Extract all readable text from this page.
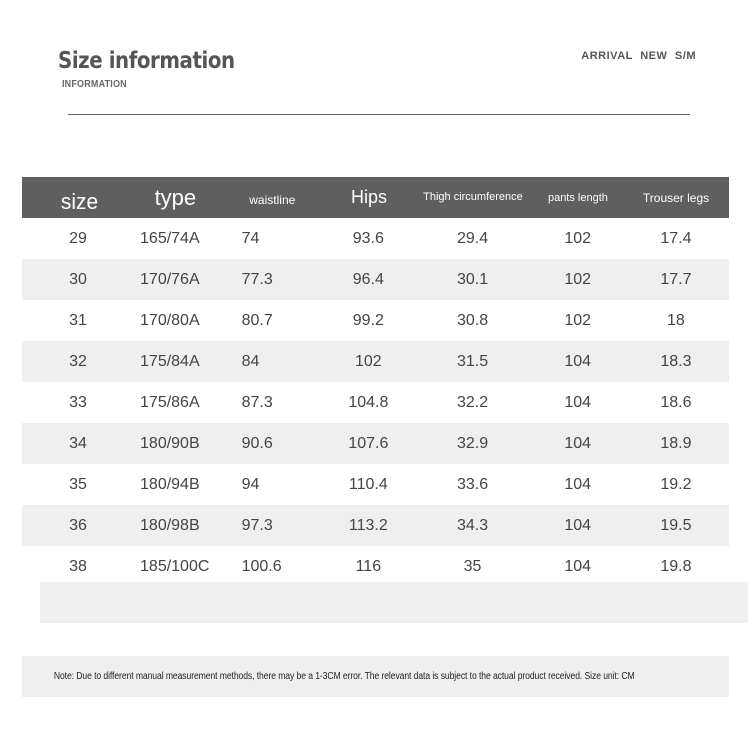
Size information
INFORMATION
ARRIVAL NEW S/M
size	type	waistline	Hips	Thigh circumference	pants length	Trouser legs
29	165/74A	74	93.6	29.4	102	17.4
30	170/76A	77.3	96.4	30.1	102	17.7
31	170/80A	80.7	99.2	30.8	102	18
32	175/84A	84	102	31.5	104	18.3
33	175/86A	87.3	104.8	32.2	104	18.6
34	180/90B	90.6	107.6	32.9	104	18.9
35	180/94B	94	110.4	33.6	104	19.2
36	180/98B	97.3	113.2	34.3	104	19.5
38	185/100C	100.6	116	35	104	19.8
Note: Due to different manual measurement methods, there may be a 1-3CM error. The relevant data is subject to the actual product received. Size unit: CM
